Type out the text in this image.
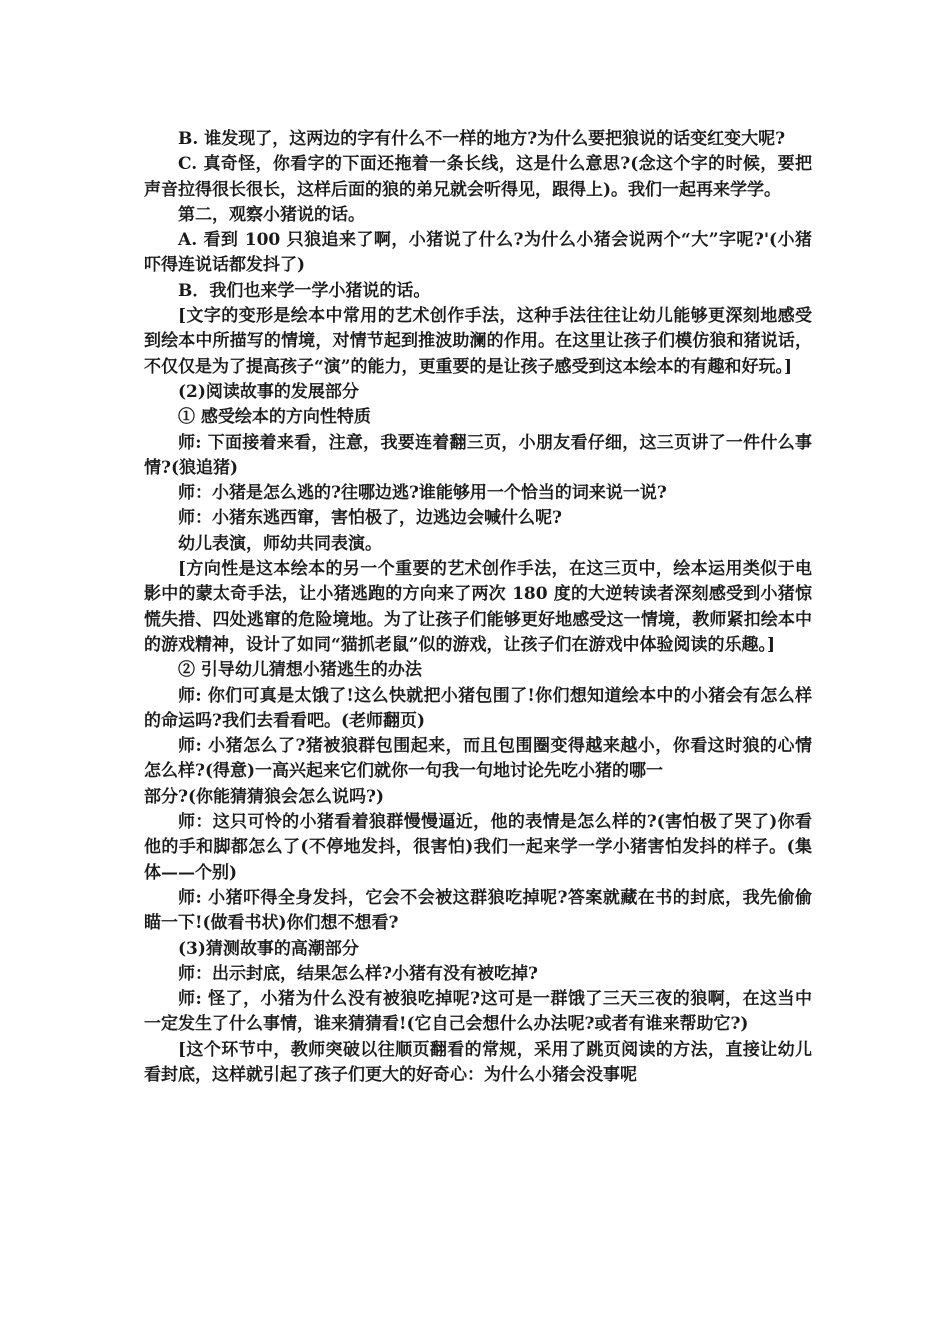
B. 谁发现了，这两边的字有什么不一样的地方?为什么要把狼说的话变红变大呢?

C. 真奇怪，你看字的下面还拖着一条长线，这是什么意思?(念这个字的时候，要把声音拉得很长很长，这样后面的狼的弟兄就会听得见，跟得上)。我们一起再来学学。

第二，观察小猪说的话。

A. 看到 100 只狼追来了啊，小猪说了什么?为什么小猪会说两个“大”字呢?'(小猪吓得连说话都发抖了)

B．我们也来学一学小猪说的话。

[文字的变形是绘本中常用的艺术创作手法，这种手法往往让幼儿能够更深刻地感受到绘本中所描写的情境，对情节起到推波助澜的作用。在这里让孩子们模仿狼和猪说话，不仅仅是为了提高孩子“演”的能力，更重要的是让孩子感受到这本绘本的有趣和好玩。]

(2)阅读故事的发展部分

① 感受绘本的方向性特质

师: 下面接着来看，注意，我要连着翻三页，小朋友看仔细，这三页讲了一件什么事情?(狼追猪)

师：小猪是怎么逃的?往哪边逃?谁能够用一个恰当的词来说一说?

师：小猪东逃西窜，害怕极了，边逃边会喊什么呢?

幼儿表演，师幼共同表演。

[方向性是这本绘本的另一个重要的艺术创作手法，在这三页中，绘本运用类似于电影中的蒙太奇手法，让小猪逃跑的方向来了两次 180 度的大逆转读者深刻感受到小猪惊慌失措、四处逃窜的危险境地。为了让孩子们能够更好地感受这一情境，教师紧扣绘本中的游戏精神，设计了如同“猫抓老鼠”似的游戏，让孩子们在游戏中体验阅读的乐趣。]

② 引导幼儿猜想小猪逃生的办法

师: 你们可真是太饿了!这么快就把小猪包围了!你们想知道绘本中的小猪会有怎么样的命运吗?我们去看看吧。(老师翻页)

师: 小猪怎么了?猪被狼群包围起来，而且包围圈变得越来越小，你看这时狼的心情怎么样?(得意)一高兴起来它们就你一句我一句地讨论先吃小猪的哪一

部分?(你能猜猜狼会怎么说吗?)

师：这只可怜的小猪看着狼群慢慢逼近，他的表情是怎么样的?(害怕极了哭了)你看他的手和脚都怎么了(不停地发抖，很害怕)我们一起来学一学小猪害怕发抖的样子。(集体——个别)

师: 小猪吓得全身发抖，它会不会被这群狼吃掉呢?答案就藏在书的封底，我先偷偷瞄一下!(做看书状)你们想不想看?

(3)猜测故事的高潮部分

师：出示封底，结果怎么样?小猪有没有被吃掉?

师: 怪了，小猪为什么没有被狼吃掉呢?这可是一群饿了三天三夜的狼啊，在这当中一定发生了什么事情，谁来猜猜看!(它自己会想什么办法呢?或者有谁来帮助它?)

[这个环节中，教师突破以往顺页翻看的常规，采用了跳页阅读的方法，直接让幼儿看封底，这样就引起了孩子们更大的好奇心：为什么小猪会没事呢
